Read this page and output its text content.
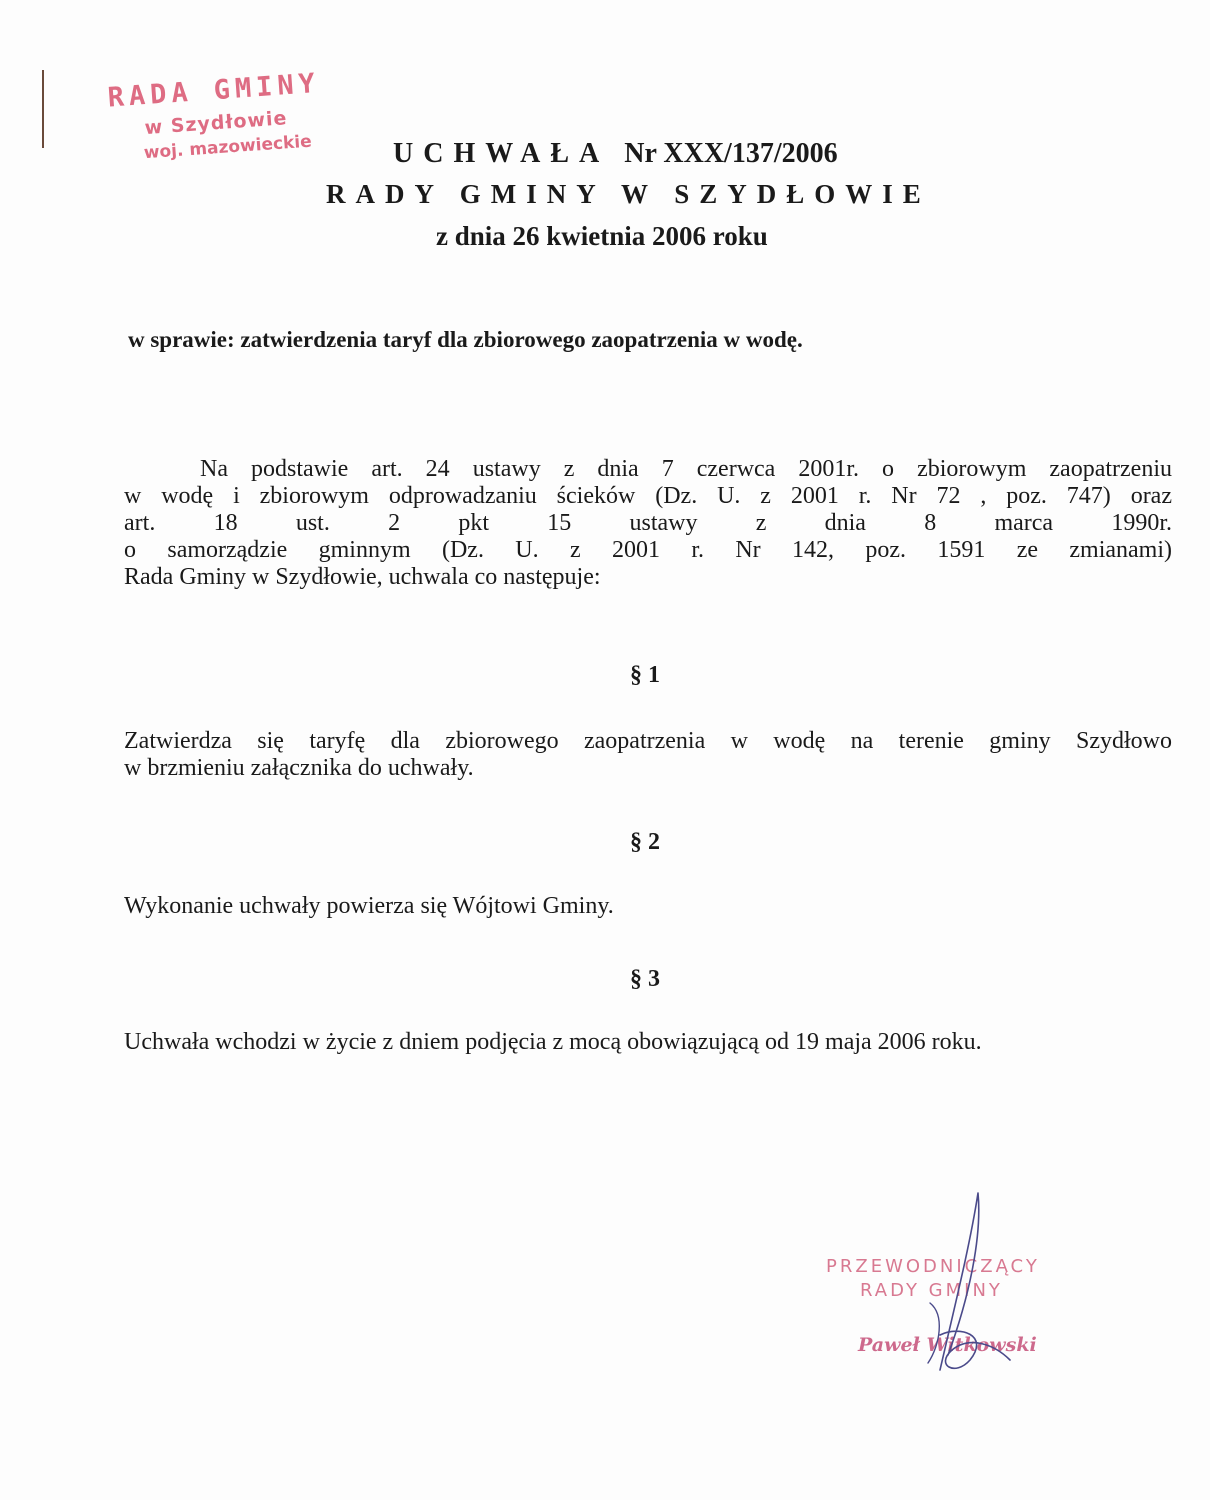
RADA GMINY
w Szydłowie
woj. mazowieckie	UCHWAŁA Nr XXX/137/2006
RADY GMINY W SZYDŁOWIE
z dnia 26 kwietnia 2006 roku
w sprawie: zatwierdzenia taryf dla zbiorowego zaopatrzenia w wodę.
Na podstawie art. 24 ustawy z dnia 7 czerwca 2001r. o zbiorowym zaopatrzeniu
w wodę i zbiorowym odprowadzaniu ścieków (Dz. U. z 2001 r. Nr 72 , poz. 747) oraz
art. 18 ust. 2 pkt 15 ustawy z dnia 8 marca 1990r.
o samorządzie gminnym (Dz. U. z 2001 r. Nr 142, poz. 1591 ze zmianami)
Rada Gminy w Szydłowie, uchwala co następuje:
§ 1
Zatwierdza się taryfę dla zbiorowego zaopatrzenia w wodę na terenie gminy Szydłowo
w brzmieniu załącznika do uchwały.
§ 2
Wykonanie uchwały powierza się Wójtowi Gminy.
§ 3
Uchwała wchodzi w życie z dniem podjęcia z mocą obowiązującą od 19 maja 2006 roku.
PRZEWODNICZĄCY
RADY GMINY
Paweł Witkowski
